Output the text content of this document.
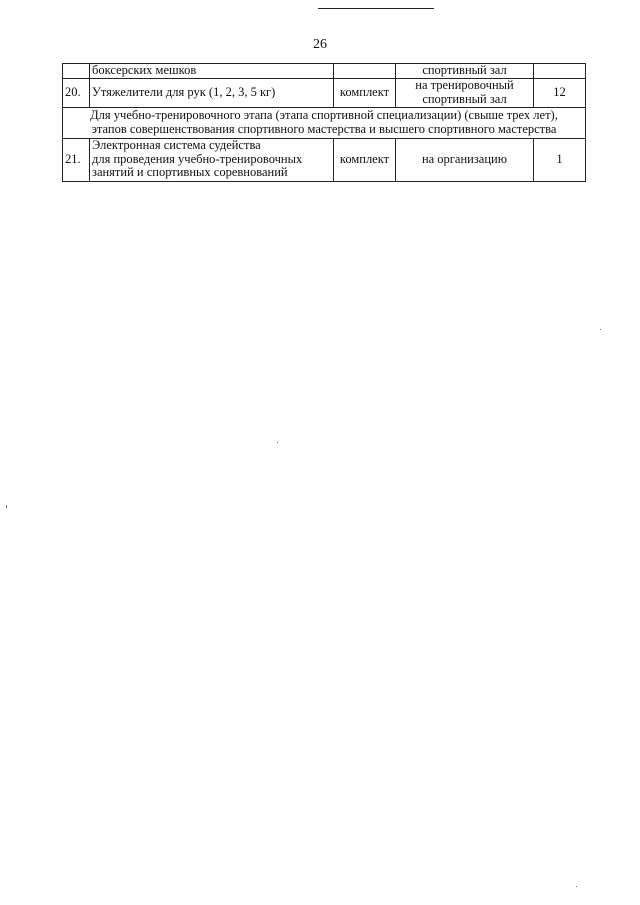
26
	боксерских мешков		спортивный зал	
20.	Утяжелители для рук (1, 2, 3, 5 кг)	комплект	на тренировочный
спортивный зал	12

Для учебно-тренировочного этапа (этапа спортивной специализации) (свыше трех лет),
этапов совершенствования спортивного мастерства и высшего спортивного мастерства				

21.	Электронная система судейства
для проведения учебно-тренировочных
занятий и спортивных соревнований	комплект	на организацию	1
